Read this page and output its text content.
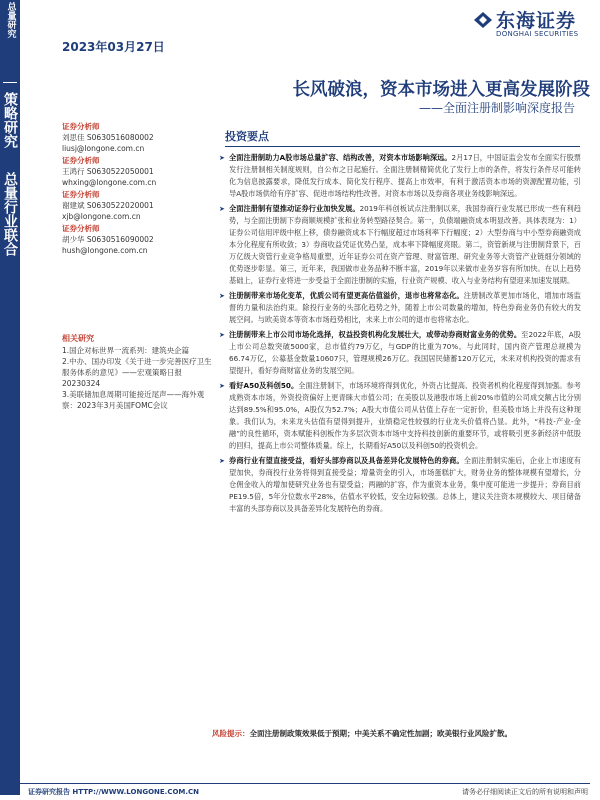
总量研究
策略研究
总量行业联合
2023年03月27日
东海证券
DONGHAI SECURITIES
长风破浪，资本市场进入更高发展阶段
——全面注册制影响深度报告
证券分析师
刘思佳 S0630516080002
liusj@longone.com.cn
证券分析师
王鸿行 S0630522050001
whxing@longone.com.cn
证券分析师
谢建斌 S0630522020001
xjb@longone.com.cn
证券分析师
胡少华 S0630516090002
hush@longone.com.cn
相关研究
1.国企对标世界一流系列：建筑央企篇
2.中办、国办印发《关于进一步完善医疗卫生服务体系的意见》——宏观策略日报20230324
3.美联储加息周期可能接近尾声——海外观察：2023年3月美国FOMC会议
投资要点
➤ 全面注册制助力A股市场总量扩容、结构改善，对资本市场影响深远。2月17日，中国证监会发布全面实行股票发行注册制相关制度规则，自公布之日起施行。全面注册制精简优化了发行上市的条件，将发行条件尽可能转化为信息披露要求，降低发行成本、简化发行程序、提高上市效率，有利于激活资本市场的资源配置功能，引导A股市场供给有序扩容、促进市场结构性改善。对资本市场以及券商各项业务线影响深远。
➤ 全面注册制有望推动证券行业加快发展。2019年科创板试点注册制以来，我国券商行业发展已形成一些有利趋势，与全面注册制下券商顺规模扩张和业务转型路径契合。第一，负债端融资成本明显改善。具体表现为：1）证券公司信用评级中枢上移，债券融资成本下行幅度超过市场利率下行幅度；2）大型券商与中小型券商融资成本分化程度有所收敛；3）券商收益凭证优势凸显，成本率下降幅度亮眼。第二，资管新规与注册制背景下，百万亿级大资管行业竞争格局重塑，近年证券公司在资产管理、财富管理、研究业务等大资管产业链细分领域的优势逐步彰显。第三，近年来，我国做市业务品种不断丰富，2019年以来做市业务岁容有所加快。在以上趋势基础上，证券行业将进一步受益于全面注册制的实施，行业资产规模、收入与业务结构有望迎来加速发展期。
➤ 注册制带来市场化变革，优质公司有望更高估值溢价，退市也将常态化。注册制改革更加市场化，增加市场监督的力量和法治约束。除投行业务的头部化趋势之外，随着上市公司数量的增加，特色券商业务仍有较大的发展空间。与欧美资本等资本市场趋势相比，未来上市公司的退市也将常态化。
➤ 注册制带来上市公司市场化选择，权益投资机构化发展壮大，或带动券商财富业务的优势。至2022年底，A股上市公司总数突破5000家，总市值约79万亿，与GDP的比重为70%。与此同时，国内资产管理总规模为66.74万亿，公募基金数量10607只，管理规模26万亿。我国居民储蓄120万亿元，未来对机构投资的需求有望提升，看好券商财富业务的发展空间。
➤ 看好A50及科创50。全面注册制下，市场环境将得到优化，外资占比提高、投资者机构化程度得到加强。参考成熟资本市场，外资投资偏好上更青睐大市值公司；在美股以及港股市场上前20%市值的公司成交额占比分别达到89.5%和95.0%，A股仅为52.7%；A股大市值公司从估值上存在一定折价，但美股市场上并没有这种现象。我们认为，未来龙头估值有望得到提升，业绩稳定性较强的行业龙头价值将凸显。此外，“科技-产业-金融”的良性循环，资本赋能科创板作为多层次资本市场中支持科技创新的重要环节，或将吸引更多新经济中低股的回归，提高上市公司整体质量。综上，长期看好A50以及科创50的投资机会。
➤ 券商行业有望直接受益，看好头部券商以及具备差异化发展特色的券商。全面注册制实施后，企业上市速度有望加快，券商投行业务将得到直接受益；增量资金的引入，市场蛋糕扩大，财务业务的整体规模有望增长，分仓佣金收入的增加使研究业务也有望受益；两融的扩容，作为重资本业务，集中度可能进一步提升；券商目前PE19.5倍，5年分位数水平28%，估值水平较低，安全边际较强。总体上，建议关注资本规模较大、项目储备丰富的头部券商以及具备差异化发展特色的券商。
风险提示：全面注册制政策效果低于预期；中美关系不确定性加剧；欧美银行业风险扩散。
证券研究报告 HTTP://WWW.LONGONE.COM.CN	请务必仔细阅读正文后的所有说明和声明
